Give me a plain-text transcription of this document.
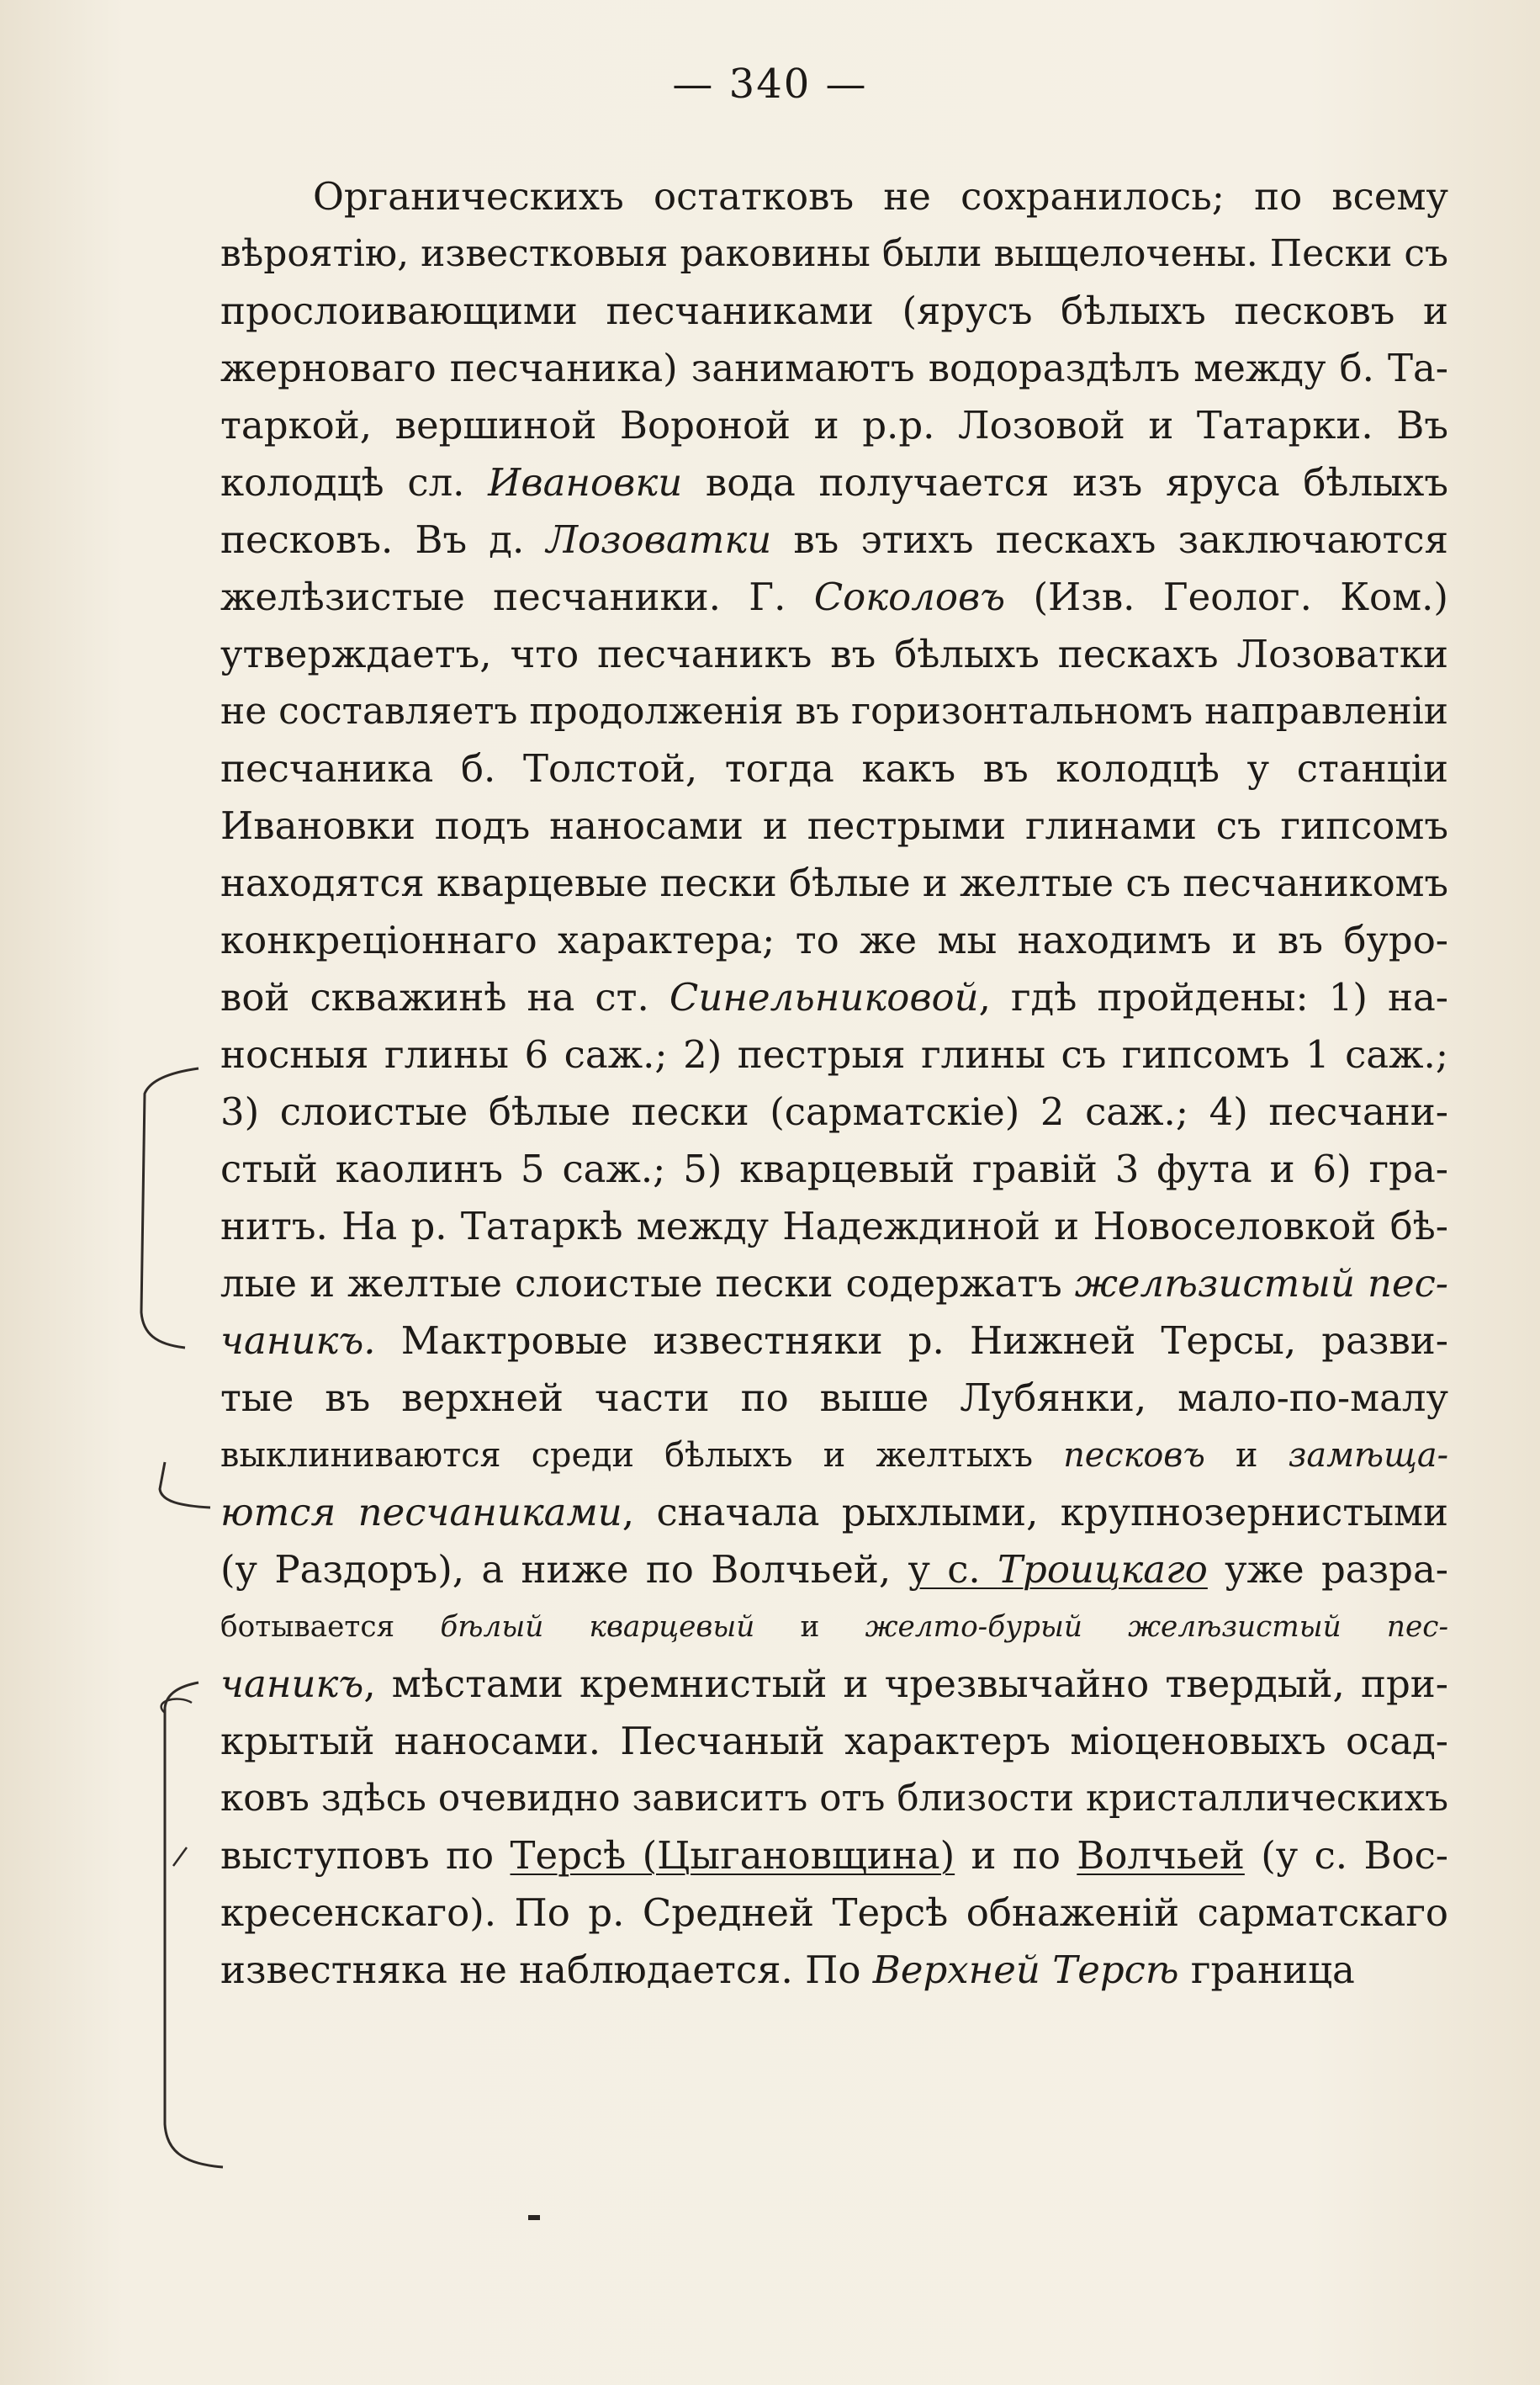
— 340 —
Органическихъ остатковъ не сохранилось; по всему
вѣроятію, известковыя раковины были выщелочены. Пески съ
прослоивающими песчаниками (ярусъ бѣлыхъ песковъ и
жерноваго песчаника) занимаютъ водораздѣлъ между б. Та-
таркой, вершиной Вороной и р.р. Лозовой и Татарки. Въ
колодцѣ сл. Ивановки вода получается изъ яруса бѣлыхъ
песковъ. Въ д. Лозоватки въ этихъ пескахъ заключаются
желѣзистые песчаники. Г. Соколовъ (Изв. Геолог. Ком.)
утверждаетъ, что песчаникъ въ бѣлыхъ пескахъ Лозоватки
не составляетъ продолженія въ горизонтальномъ направленіи
песчаника б. Толстой, тогда какъ въ колодцѣ у станціи
Ивановки подъ наносами и пестрыми глинами съ гипсомъ
находятся кварцевые пески бѣлые и желтые съ песчаникомъ
конкреціоннаго характера; то же мы находимъ и въ буро-
вой скважинѣ на ст. Синельниковой, гдѣ пройдены: 1) на-
носныя глины 6 саж.; 2) пестрыя глины съ гипсомъ 1 саж.;
3) слоистые бѣлые пески (сарматскіе) 2 саж.; 4) песчани-
стый каолинъ 5 саж.; 5) кварцевый гравій 3 фута и 6) гра-
нитъ. На р. Татаркѣ между Надеждиной и Новоселовкой бѣ-
лые и желтые слоистые пески содержатъ желѣзистый пес-
чаникъ. Мактровые известняки р. Нижней Терсы, разви-
тые въ верхней части по выше Лубянки, мало-по-малу
выклиниваются среди бѣлыхъ и желтыхъ песковъ и замѣща-
ются песчаниками, сначала рыхлыми, крупнозернистыми
(у Раздоръ), а ниже по Волчьей, у с. Троицкаго уже разра-
ботывается бѣлый кварцевый и желто-бурый желѣзистый пес-
чаникъ, мѣстами кремнистый и чрезвычайно твердый, при-
крытый наносами. Песчаный характеръ міоценовыхъ осад-
ковъ здѣсь очевидно зависитъ отъ близости кристаллическихъ
выступовъ по Терсѣ (Цыгановщина) и по Волчьей (у с. Вос-
кресенскаго). По р. Средней Терсѣ обнаженій сарматскаго
известняка не наблюдается. По Верхней Терсѣ граница
